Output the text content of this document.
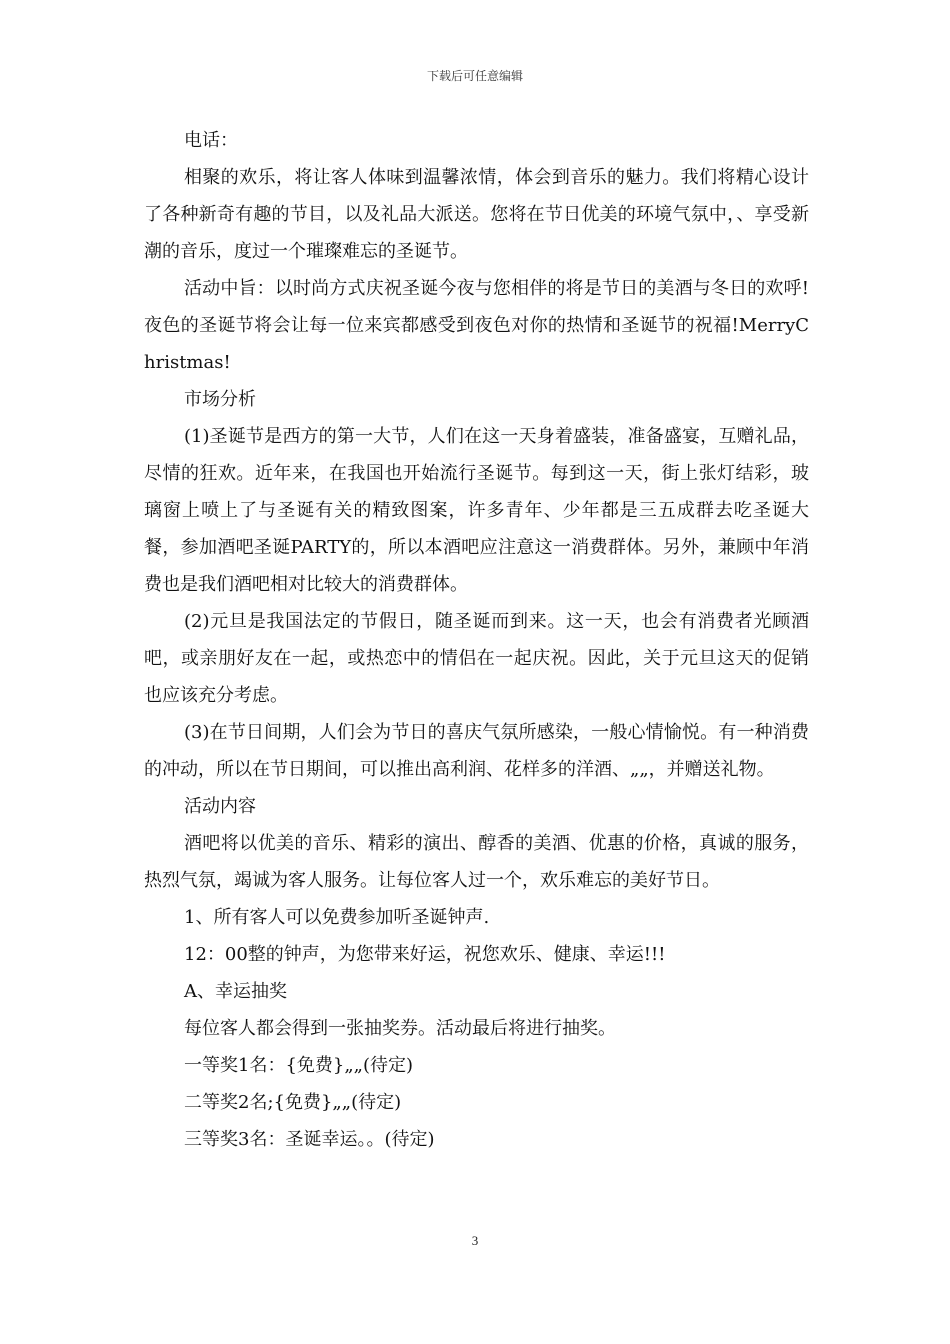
下载后可任意编辑

电话：

相聚的欢乐，将让客人体味到温馨浓情，体会到音乐的魅力。我们将精心设计了各种新奇有趣的节目，以及礼品大派送。您将在节日优美的环境气氛中，、享受新潮的音乐，度过一个璀璨难忘的圣诞节。

活动中旨：以时尚方式庆祝圣诞今夜与您相伴的将是节日的美酒与冬日的欢呼!夜色的圣诞节将会让每一位来宾都感受到夜色对你的热情和圣诞节的祝福!MerryChristmas!

市场分析

(1)圣诞节是西方的第一大节，人们在这一天身着盛装，准备盛宴，互赠礼品，尽情的狂欢。近年来，在我国也开始流行圣诞节。每到这一天，街上张灯结彩，玻璃窗上喷上了与圣诞有关的精致图案，许多青年、少年都是三五成群去吃圣诞大餐，参加酒吧圣诞PARTY的，所以本酒吧应注意这一消费群体。另外，兼顾中年消费也是我们酒吧相对比较大的消费群体。

(2)元旦是我国法定的节假日，随圣诞而到来。这一天，也会有消费者光顾酒吧，或亲朋好友在一起，或热恋中的情侣在一起庆祝。因此，关于元旦这天的促销也应该充分考虑。

(3)在节日间期，人们会为节日的喜庆气氛所感染，一般心情愉悦。有一种消费的冲动，所以在节日期间，可以推出高利润、花样多的洋酒、„„，并赠送礼物。

活动内容

酒吧将以优美的音乐、精彩的演出、醇香的美酒、优惠的价格，真诚的服务，热烈气氛，竭诚为客人服务。让每位客人过一个，欢乐难忘的美好节日。

1、所有客人可以免费参加听圣诞钟声.

12：00整的钟声，为您带来好运，祝您欢乐、健康、幸运!!!

A、幸运抽奖

每位客人都会得到一张抽奖券。活动最后将进行抽奖。

一等奖1名：{免费}„„(待定)

二等奖2名;{免费}„„(待定)

三等奖3名：圣诞幸运。。(待定)

3
